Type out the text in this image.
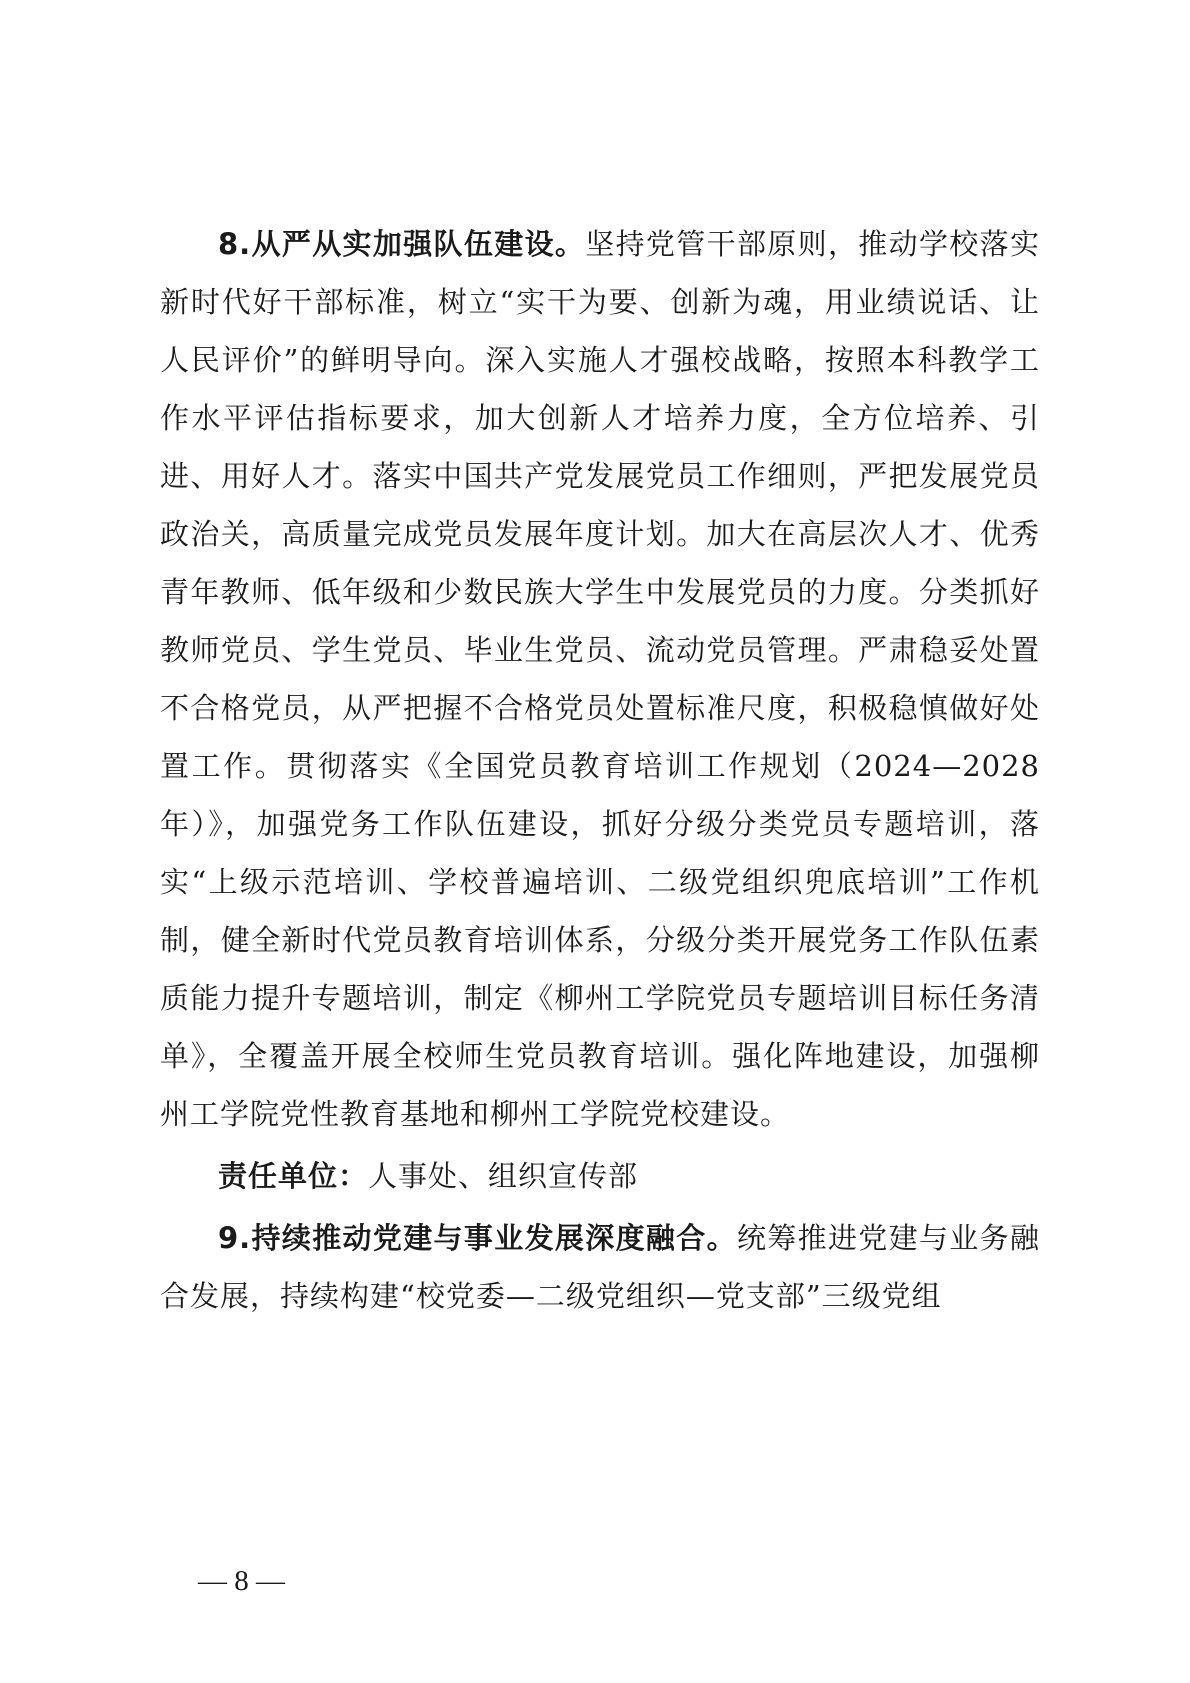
8.从严从实加强队伍建设。坚持党管干部原则，推动学校落实新时代好干部标准，树立“实干为要、创新为魂，用业绩说话、让人民评价”的鲜明导向。深入实施人才强校战略，按照本科教学工作水平评估指标要求，加大创新人才培养力度，全方位培养、引进、用好人才。落实中国共产党发展党员工作细则，严把发展党员政治关，高质量完成党员发展年度计划。加大在高层次人才、优秀青年教师、低年级和少数民族大学生中发展党员的力度。分类抓好教师党员、学生党员、毕业生党员、流动党员管理。严肃稳妥处置不合格党员，从严把握不合格党员处置标准尺度，积极稳慎做好处置工作。贯彻落实《全国党员教育培训工作规划（2024—2028年）》，加强党务工作队伍建设，抓好分级分类党员专题培训，落实“上级示范培训、学校普遍培训、二级党组织兜底培训”工作机制，健全新时代党员教育培训体系，分级分类开展党务工作队伍素质能力提升专题培训，制定《柳州工学院党员专题培训目标任务清单》，全覆盖开展全校师生党员教育培训。强化阵地建设，加强柳州工学院党性教育基地和柳州工学院党校建设。

责任单位：人事处、组织宣传部

9.持续推动党建与事业发展深度融合。统筹推进党建与业务融合发展，持续构建“校党委—二级党组织—党支部”三级党组

— 8 —
